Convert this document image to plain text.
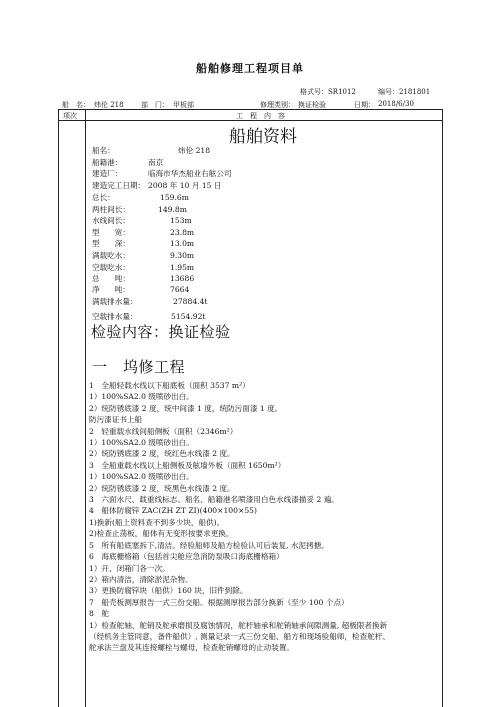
船舶修理工程项目单
格式号：SR1012	编号：2181801
船　名： 炜伦 218 部　门： 甲板部	修理类别： 换证检验	日期： 2018/6/30
项次	工　程　内　容
船舶资料
船名：	炜伦 218
船籍港：	南京
建造厂：	临海市华杰船业右舷公司
建造完工日期： 2008 年 10 月 15 日
总长：	159.6m
两柱间长：	149.8m
水线间长：	153m
型　　宽：	23.8m
型　　深：	13.0m
满载吃水：	9.30m
空载吃水：	1.95m
总　　吨：	13686
净　　吨：	7664
满载排水量：	27884.4t
空载排水量：	5154.92t
检验内容：换证检验
一　坞修工程
1　全船轻载水线以下船底板（面积 3537 m²）
1）100%SA2.0 级喷砂出白。
2）统防锈底漆 2 度，统中间漆 1 度，统防污面漆 1 度。
防污漆证书上船
2　轻重载水线间船侧板（面积（2346m²）
1）100%SA2.0 级喷砂出白。
2）统防锈底漆 2 度，统红色水线漆 2 度。
3　全船重载水线以上船侧板及舷墙外板（面积 1650m²）
1）100%SA2.0 级喷砂出白。
2）统防锈底漆 2 度，统黑色水线漆 2 度。
3　六面水尺、载重线标志、船名、船籍港名喷漆用白色水线漆描妥 2 遍。
4　船体防腐锌 ZAC(ZH ZT ZI)(400×100×55)
1)换新(船上资料查不到多少块，船供)。
2)检查止荡板，船体有无变形按要求更换。
5　所有船底塞拆下,清洁。经验船师及船方检验认可后装复, 水泥拷搪。
6　海底栅格箱（包括首尖舱应急消防泵吸口海底栅格箱）
1）开、闭箱门各一次。
2）箱内清洁，清除淤泥杂物。
3）更换防腐锌块（船供）160 块，旧件到除。
7　船壳板测厚报告一式三份交船。根据测厚报告部分换新（至少 100 个点）
8　舵
1）检查舵轴、舵销及舵承磨损及腐蚀情况，舵杆轴承和舵销轴承间隙测量, 超极限者换新
（经机务主管同意，备件船供）, 测量记录一式三份交船、船方和现场验船师，检查舵杆、
舵承法兰盘及其连接螺栓与螺母，检查舵销螺母的止动装置。
